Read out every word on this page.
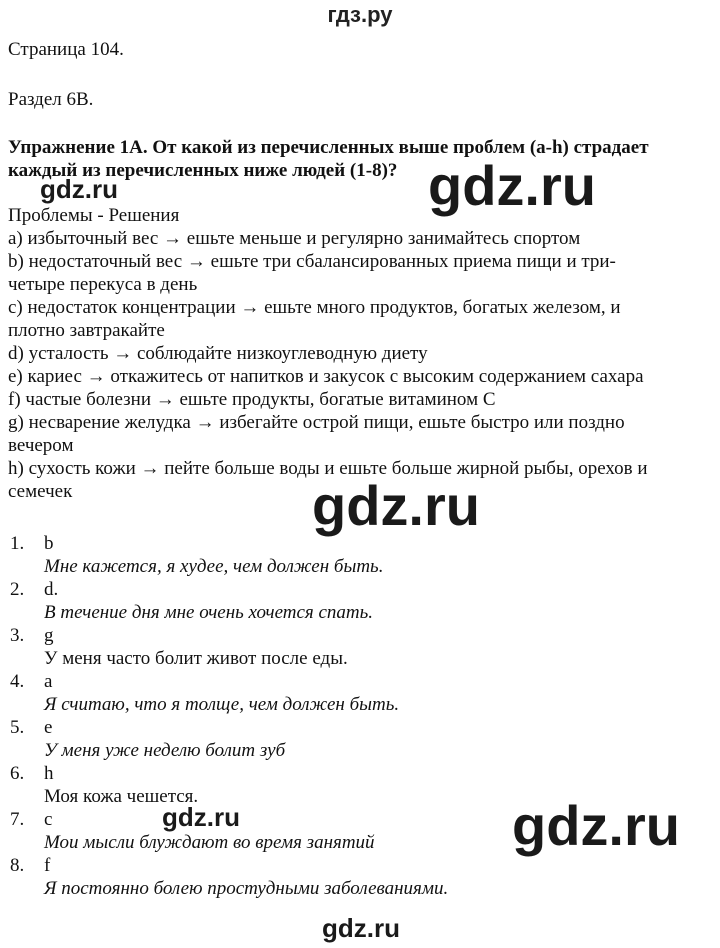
гдз.ру
Страница 104.
Раздел 6B.
Упражнение 1А. От какой из перечисленных выше проблем (a-h) страдает
каждый из перечисленных ниже людей (1-8)?
Проблемы - Решения
a) избыточный вес → ешьте меньше и регулярно занимайтесь спортом
b) недостаточный вес → ешьте три сбалансированных приема пищи и три-
четыре перекуса в день
c) недостаток концентрации → ешьте много продуктов, богатых железом, и
плотно завтракайте
d) усталость → соблюдайте низкоуглеводную диету
e) кариес → откажитесь от напитков и закусок с высоким содержанием сахара
f) частые болезни → ешьте продукты, богатые витамином C
g) несварение желудка → избегайте острой пищи, ешьте быстро или поздно
вечером
h) сухость кожи → пейте больше воды и ешьте больше жирной рыбы, орехов и
семечек
1. b
Мне кажется, я худее, чем должен быть.
2. d.
В течение дня мне очень хочется спать.
3. g
У меня часто болит живот после еды.
4. a
Я считаю, что я толще, чем должен быть.
5. e
У меня уже неделю болит зуб
6. h
Моя кожа чешется.
7. c
Мои мысли блуждают во время занятий
8. f
Я постоянно болею простудными заболеваниями.
gdz.ru	gdz.ru
gdz.ru
gdz.ru	gdz.ru
gdz.ru
